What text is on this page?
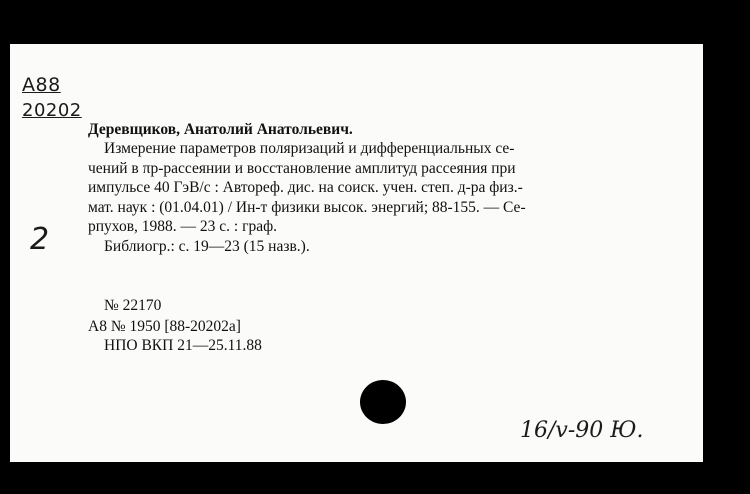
А88
20202
Деревщиков, Анатолий Анатольевич.
Измерение параметров поляризаций и дифференциальных се-
чений в πр-рассеянии и восстановление амплитуд рассеяния при
импульсе 40 ГэВ/с : Автореф. дис. на соиск. учен. степ. д-ра физ.-
мат. наук : (01.04.01) / Ин-т физики высок. энергий; 88-155. — Се-
рпухов, 1988. — 23 с. : граф.
Библиогр.: с. 19—23 (15 назв.).
2
№ 22170
А8 № 1950 [88-20202а]
НПО ВКП 21—25.11.88
16/v-90 Ю.
